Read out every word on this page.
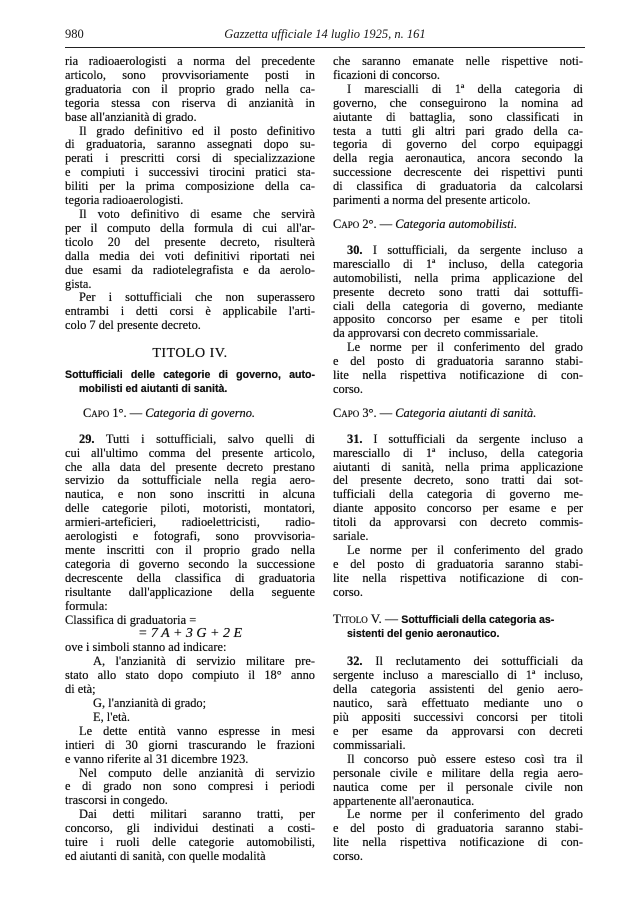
980	Gazzetta ufficiale 14 luglio 1925, n. 161
ria radioaerologisti a norma del precedente
articolo, sono provvisoriamente posti in
graduatoria con il proprio grado nella ca-
tegoria stessa con riserva di anzianità in
base all'anzianità di grado.
Il grado definitivo ed il posto definitivo
di graduatoria, saranno assegnati dopo su-
perati i prescritti corsi di specializzazione
e compiuti i successivi tirocini pratici sta-
biliti per la prima composizione della ca-
tegoria radioaerologisti.
Il voto definitivo di esame che servirà
per il computo della formula di cui all'ar-
ticolo 20 del presente decreto, risulterà
dalla media dei voti definitivi riportati nei
due esami da radiotelegrafista e da aerolo-
gista.
Per i sottufficiali che non superassero
entrambi i detti corsi è applicabile l'arti-
colo 7 del presente decreto.
TITOLO IV.
Sottufficiali delle categorie di governo, auto- mobilisti ed aiutanti di sanità.
Capo 1°. — Categoria di governo.
29. Tutti i sottufficiali, salvo quelli di
cui all'ultimo comma del presente articolo,
che alla data del presente decreto prestano
servizio da sottufficiale nella regia aero-
nautica, e non sono inscritti in alcuna
delle categorie piloti, motoristi, montatori,
armieri-arteficieri, radioelettricisti, radio-
aerologisti e fotografi, sono provvisoria-
mente inscritti con il proprio grado nella
categoria di governo secondo la successione
decrescente della classifica di graduatoria
risultante dall'applicazione della seguente
formula:
Classifica di graduatoria =
= 7 A + 3 G + 2 E
ove i simboli stanno ad indicare:
A, l'anzianità di servizio militare pre-
stato allo stato dopo compiuto il 18° anno
di età;
G, l'anzianità di grado;
E, l'età.
Le dette entità vanno espresse in mesi
intieri di 30 giorni trascurando le frazioni
e vanno riferite al 31 dicembre 1923.
Nel computo delle anzianità di servizio
e di grado non sono compresi i periodi
trascorsi in congedo.
Dai detti militari saranno tratti, per
concorso, gli individui destinati a costi-
tuire i ruoli delle categorie automobilisti,
ed aiutanti di sanità, con quelle modalità
che saranno emanate nelle rispettive noti-
ficazioni di concorso.
I marescialli di 1ª della categoria di
governo, che conseguirono la nomina ad
aiutante di battaglia, sono classificati in
testa a tutti gli altri pari grado della ca-
tegoria di governo del corpo equipaggi
della regia aeronautica, ancora secondo la
successione decrescente dei rispettivi punti
di classifica di graduatoria da calcolarsi
parimenti a norma del presente articolo.
Capo 2°. — Categoria automobilisti.
30. I sottufficiali, da sergente incluso a
maresciallo di 1ª incluso, della categoria
automobilisti, nella prima applicazione del
presente decreto sono tratti dai sottuffi-
ciali della categoria di governo, mediante
apposito concorso per esame e per titoli
da approvarsi con decreto commissariale.
Le norme per il conferimento del grado
e del posto di graduatoria saranno stabi-
lite nella rispettiva notificazione di con-
corso.
Capo 3°. — Categoria aiutanti di sanità.
31. I sottufficiali da sergente incluso a
maresciallo di 1ª incluso, della categoria
aiutanti di sanità, nella prima applicazione
del presente decreto, sono tratti dai sot-
tufficiali della categoria di governo me-
diante apposito concorso per esame e per
titoli da approvarsi con decreto commis-
sariale.
Le norme per il conferimento del grado
e del posto di graduatoria saranno stabi-
lite nella rispettiva notificazione di con-
corso.
Titolo V. — Sottufficiali della categoria as-
sistenti del genio aeronautico.
32. Il reclutamento dei sottufficiali da
sergente incluso a maresciallo di 1ª incluso,
della categoria assistenti del genio aero-
nautico, sarà effettuato mediante uno o
più appositi successivi concorsi per titoli
e per esame da approvarsi con decreti
commissariali.
Il concorso può essere esteso così tra il
personale civile e militare della regia aero-
nautica come per il personale civile non
appartenente all'aeronautica.
Le norme per il conferimento del grado
e del posto di graduatoria saranno stabi-
lite nella rispettiva notificazione di con-
corso.
